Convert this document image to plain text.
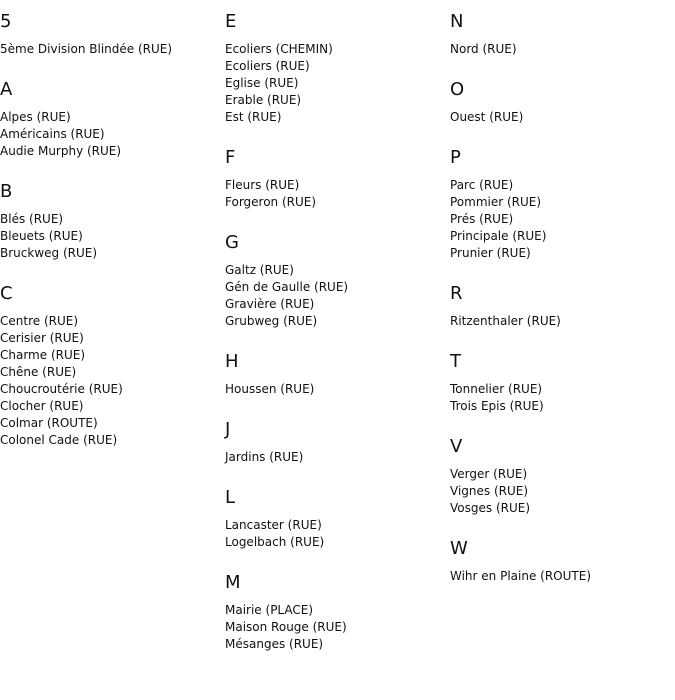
5
5ème Division Blindée (RUE)
A
Alpes (RUE)
Américains (RUE)
Audie Murphy (RUE)
B
Blés (RUE)
Bleuets (RUE)
Bruckweg (RUE)
C
Centre (RUE)
Cerisier (RUE)
Charme (RUE)
Chêne (RUE)
Choucroutérie (RUE)
Clocher (RUE)
Colmar (ROUTE)
Colonel Cade (RUE)
E
Ecoliers (CHEMIN)
Ecoliers (RUE)
Eglise (RUE)
Erable (RUE)
Est (RUE)
F
Fleurs (RUE)
Forgeron (RUE)
G
Galtz (RUE)
Gén de Gaulle (RUE)
Gravière (RUE)
Grubweg (RUE)
H
Houssen (RUE)
J
Jardins (RUE)
L
Lancaster (RUE)
Logelbach (RUE)
M
Mairie (PLACE)
Maison Rouge (RUE)
Mésanges (RUE)
N
Nord (RUE)
O
Ouest (RUE)
P
Parc (RUE)
Pommier (RUE)
Prés (RUE)
Principale (RUE)
Prunier (RUE)
R
Ritzenthaler (RUE)
T
Tonnelier (RUE)
Trois Epis (RUE)
V
Verger (RUE)
Vignes (RUE)
Vosges (RUE)
W
Wihr en Plaine (ROUTE)
